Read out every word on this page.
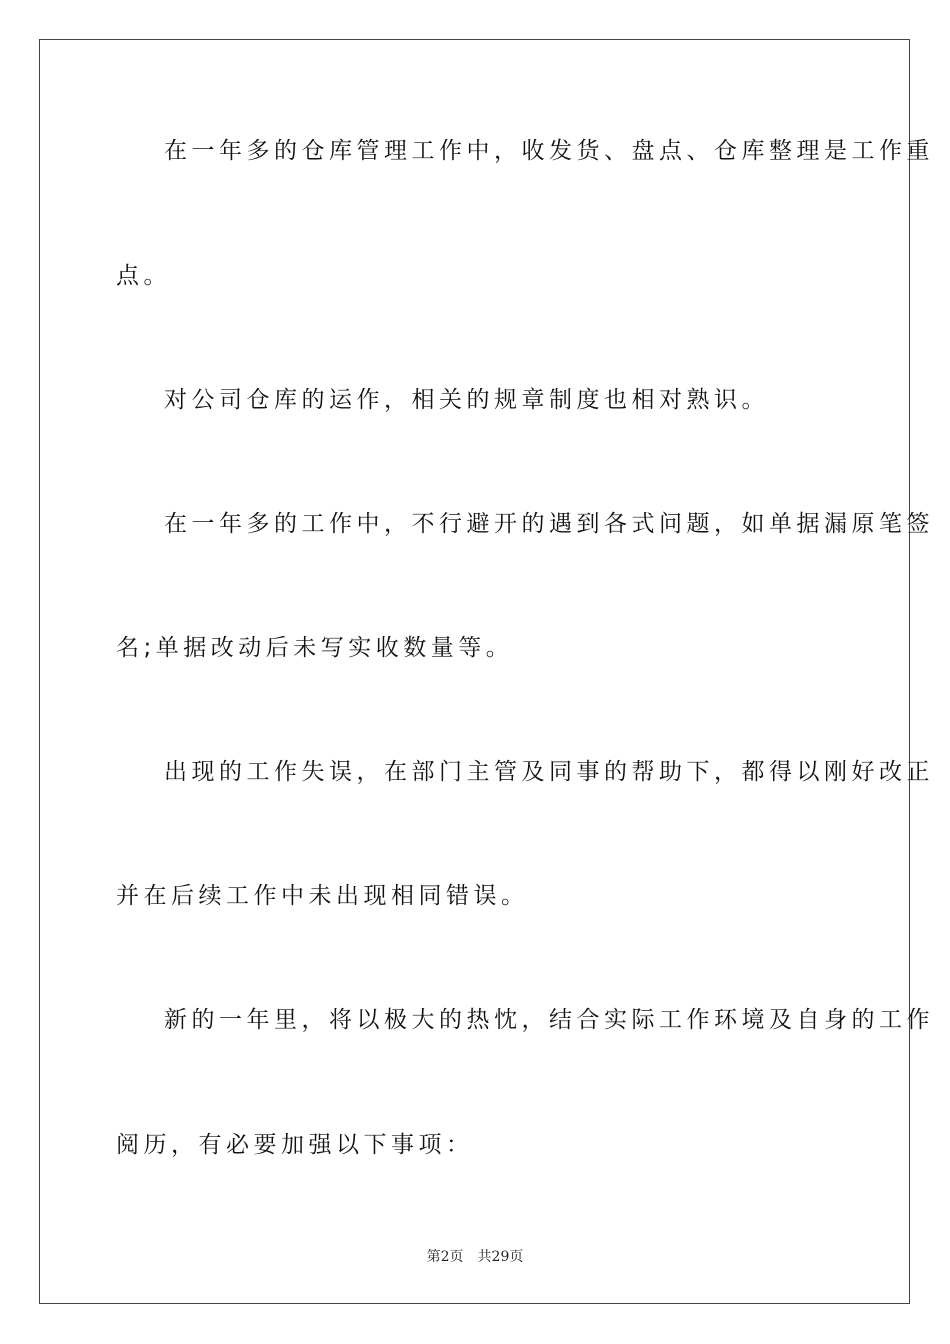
在一年多的仓库管理工作中，收发货、盘点、仓库整理是工作重
点。
对公司仓库的运作，相关的规章制度也相对熟识。
在一年多的工作中，不行避开的遇到各式问题，如单据漏原笔签
名;单据改动后未写实收数量等。
出现的工作失误，在部门主管及同事的帮助下，都得以刚好改正
并在后续工作中未出现相同错误。
新的一年里，将以极大的热忱，结合实际工作环境及自身的工作
阅历，有必要加强以下事项：
第2页 共29页
